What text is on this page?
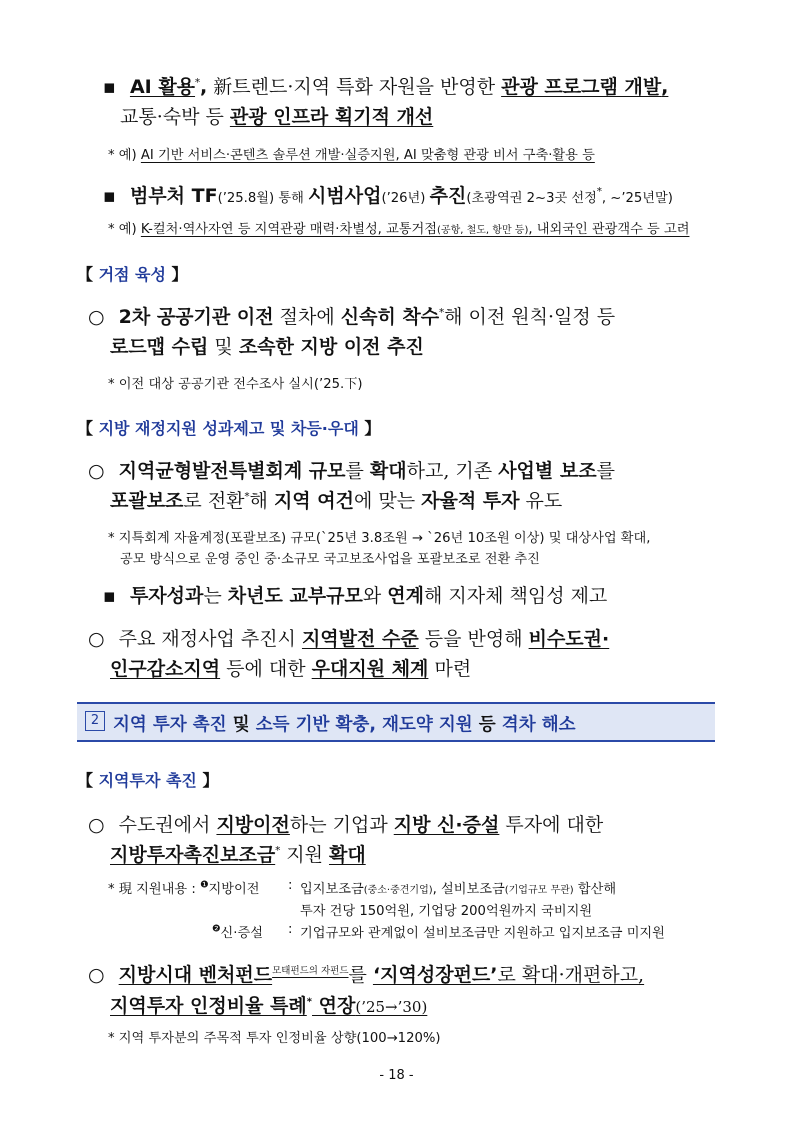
▪ AI 활용*, 新트렌드·지역 특화 자원을 반영한 관광 프로그램 개발,
교통·숙박 등 관광 인프라 획기적 개선
* 예) AI 기반 서비스·콘텐츠 솔루션 개발·실증지원, AI 맞춤형 관광 비서 구축·활용 등
▪ 범부처 TF(’25.8월) 통해 시범사업(’26년) 추진(초광역권 2~3곳 선정*, ~’25년말)
* 예) K-컬처·역사자연 등 지역관광 매력·차별성, 교통거점(공항, 철도, 항만 등), 내외국인 관광객수 등 고려
【 거점 육성 】
○ 2차 공공기관 이전 절차에 신속히 착수*해 이전 원칙·일정 등
로드맵 수립 및 조속한 지방 이전 추진
* 이전 대상 공공기관 전수조사 실시(’25.下)
【 지방 재정지원 성과제고 및 차등·우대 】
○ 지역균형발전특별회계 규모를 확대하고, 기존 사업별 보조를
포괄보조로 전환*해 지역 여건에 맞는 자율적 투자 유도
* 지특회계 자율계정(포괄보조) 규모(`25년 3.8조원 → `26년 10조원 이상) 및 대상사업 확대,
공모 방식으로 운영 중인 중·소규모 국고보조사업을 포괄보조로 전환 추진
▪ 투자성과는 차년도 교부규모와 연계해 지자체 책임성 제고
○ 주요 재정사업 추진시 지역발전 수준 등을 반영해 비수도권·
인구감소지역 등에 대한 우대지원 체계 마련
2 지역 투자 촉진 및 소득 기반 확충, 재도약 지원 등 격차 해소
【 지역투자 촉진 】
○ 수도권에서 지방이전하는 기업과 지방 신·증설 투자에 대한
지방투자촉진보조금* 지원 확대
* 現 지원내용 : $^❶$지방이전 : 입지보조금(중소·중견기업), 설비보조금(기업규모 무관) 합산해
투자 건당 150억원, 기업당 200억원까지 국비지원
$^❷$신·증설 : 기업규모와 관계없이 설비보조금만 지원하고 입지보조금 미지원
○ 지방시대 벤처펀드$^{모태펀드의 자펀드}$를 ‘지역성장펀드’로 확대·개편하고,
지역투자 인정비율 특례* 연장(’25→’30)
* 지역 투자분의 주목적 투자 인정비율 상향(100→120%)
- 18 -
